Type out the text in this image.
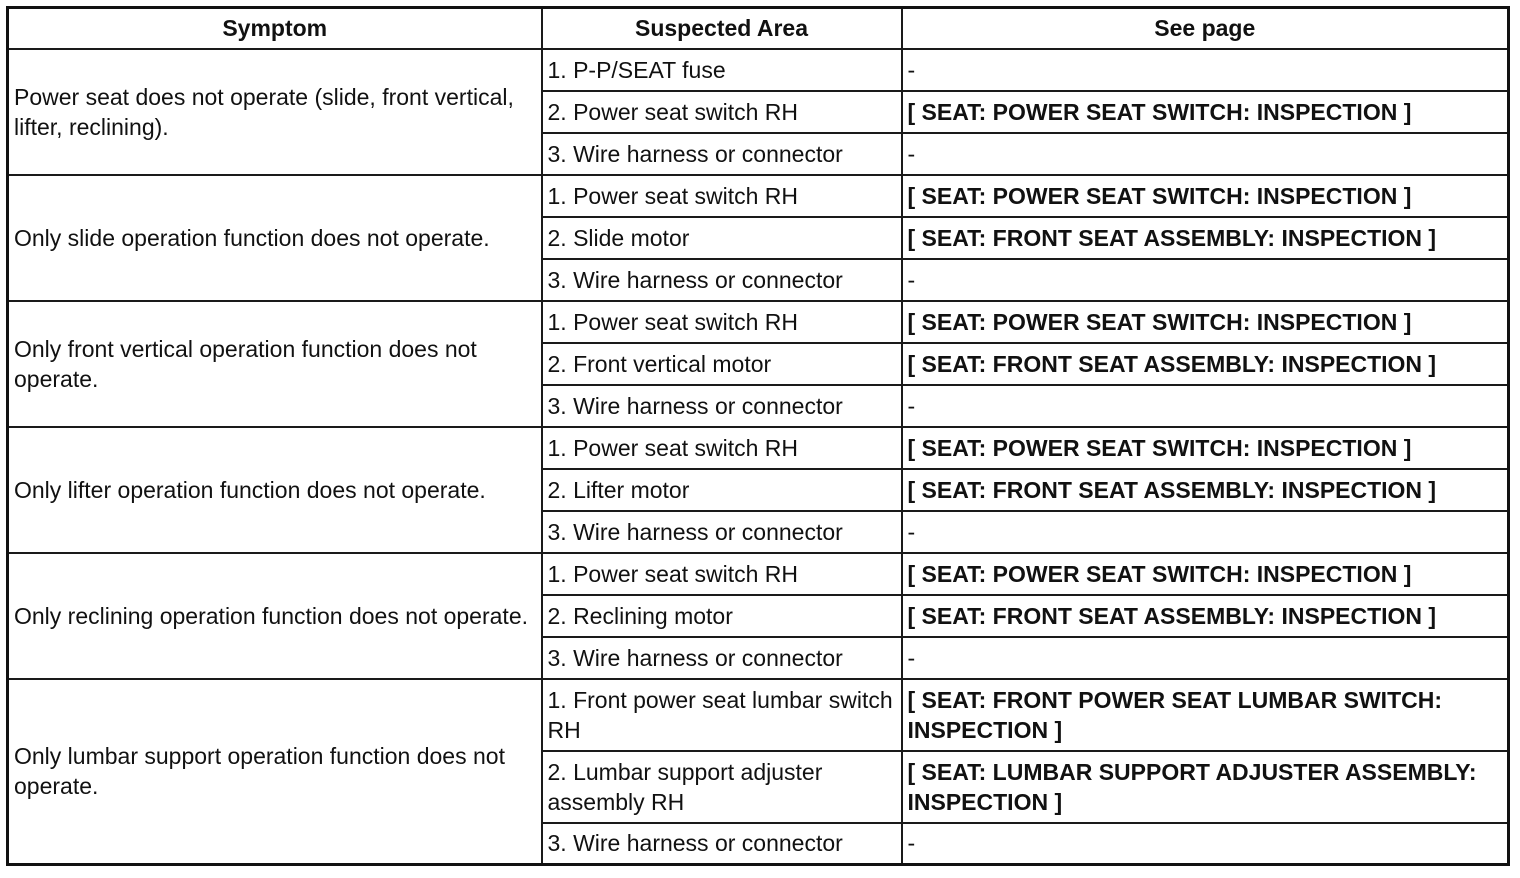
Symptom	Suspected Area	See page
Power seat does not operate (slide, front vertical, lifter, reclining).	1. P-P/SEAT fuse	-
	2. Power seat switch RH	[ SEAT: POWER SEAT SWITCH: INSPECTION ]
	3. Wire harness or connector	-
Only slide operation function does not operate.	1. Power seat switch RH	[ SEAT: POWER SEAT SWITCH: INSPECTION ]
	2. Slide motor	[ SEAT: FRONT SEAT ASSEMBLY: INSPECTION ]
	3. Wire harness or connector	-
Only front vertical operation function does not operate.	1. Power seat switch RH	[ SEAT: POWER SEAT SWITCH: INSPECTION ]
	2. Front vertical motor	[ SEAT: FRONT SEAT ASSEMBLY: INSPECTION ]
	3. Wire harness or connector	-
Only lifter operation function does not operate.	1. Power seat switch RH	[ SEAT: POWER SEAT SWITCH: INSPECTION ]
	2. Lifter motor	[ SEAT: FRONT SEAT ASSEMBLY: INSPECTION ]
	3. Wire harness or connector	-
Only reclining operation function does not operate.	1. Power seat switch RH	[ SEAT: POWER SEAT SWITCH: INSPECTION ]
	2. Reclining motor	[ SEAT: FRONT SEAT ASSEMBLY: INSPECTION ]
	3. Wire harness or connector	-
Only lumbar support operation function does not operate.	1. Front power seat lumbar switch RH	[ SEAT: FRONT POWER SEAT LUMBAR SWITCH: INSPECTION ]
	2. Lumbar support adjuster assembly RH	[ SEAT: LUMBAR SUPPORT ADJUSTER ASSEMBLY: INSPECTION ]
	3. Wire harness or connector	-
